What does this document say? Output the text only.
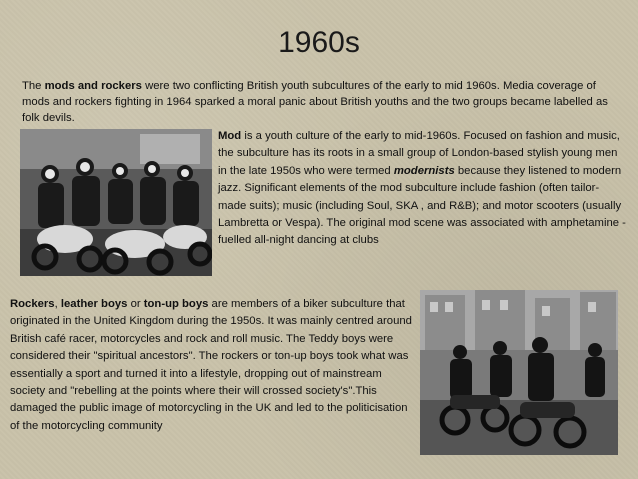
1960s
The mods and rockers were two conflicting British youth subcultures of the early to mid 1960s. Media coverage of mods and rockers fighting in 1964 sparked a moral panic about British youths and the two groups became labelled as folk devils.
Mod is a youth culture of the early to mid-1960s. Focused on fashion and music, the subculture has its roots in a small group of London-based stylish young men in the late 1950s who were termed modernists because they listened to modern jazz. Significant elements of the mod subculture include fashion (often tailor-made suits); music (including Soul, SKA , and R&B); and motor scooters (usually Lambretta or Vespa). The original mod scene was associated with amphetamine -fuelled all-night dancing at clubs
Rockers, leather boys or ton-up boys are members of a biker subculture that originated in the United Kingdom during the 1950s. It was mainly centred around British café racer, motorcycles and rock and roll music. The Teddy boys were considered their "spiritual ancestors". The rockers or ton-up boys took what was essentially a sport and turned it into a lifestyle, dropping out of mainstream society and "rebelling at the points where their will crossed society's".This damaged the public image of motorcycling in the UK and led to the politicisation of the motorcycling community
